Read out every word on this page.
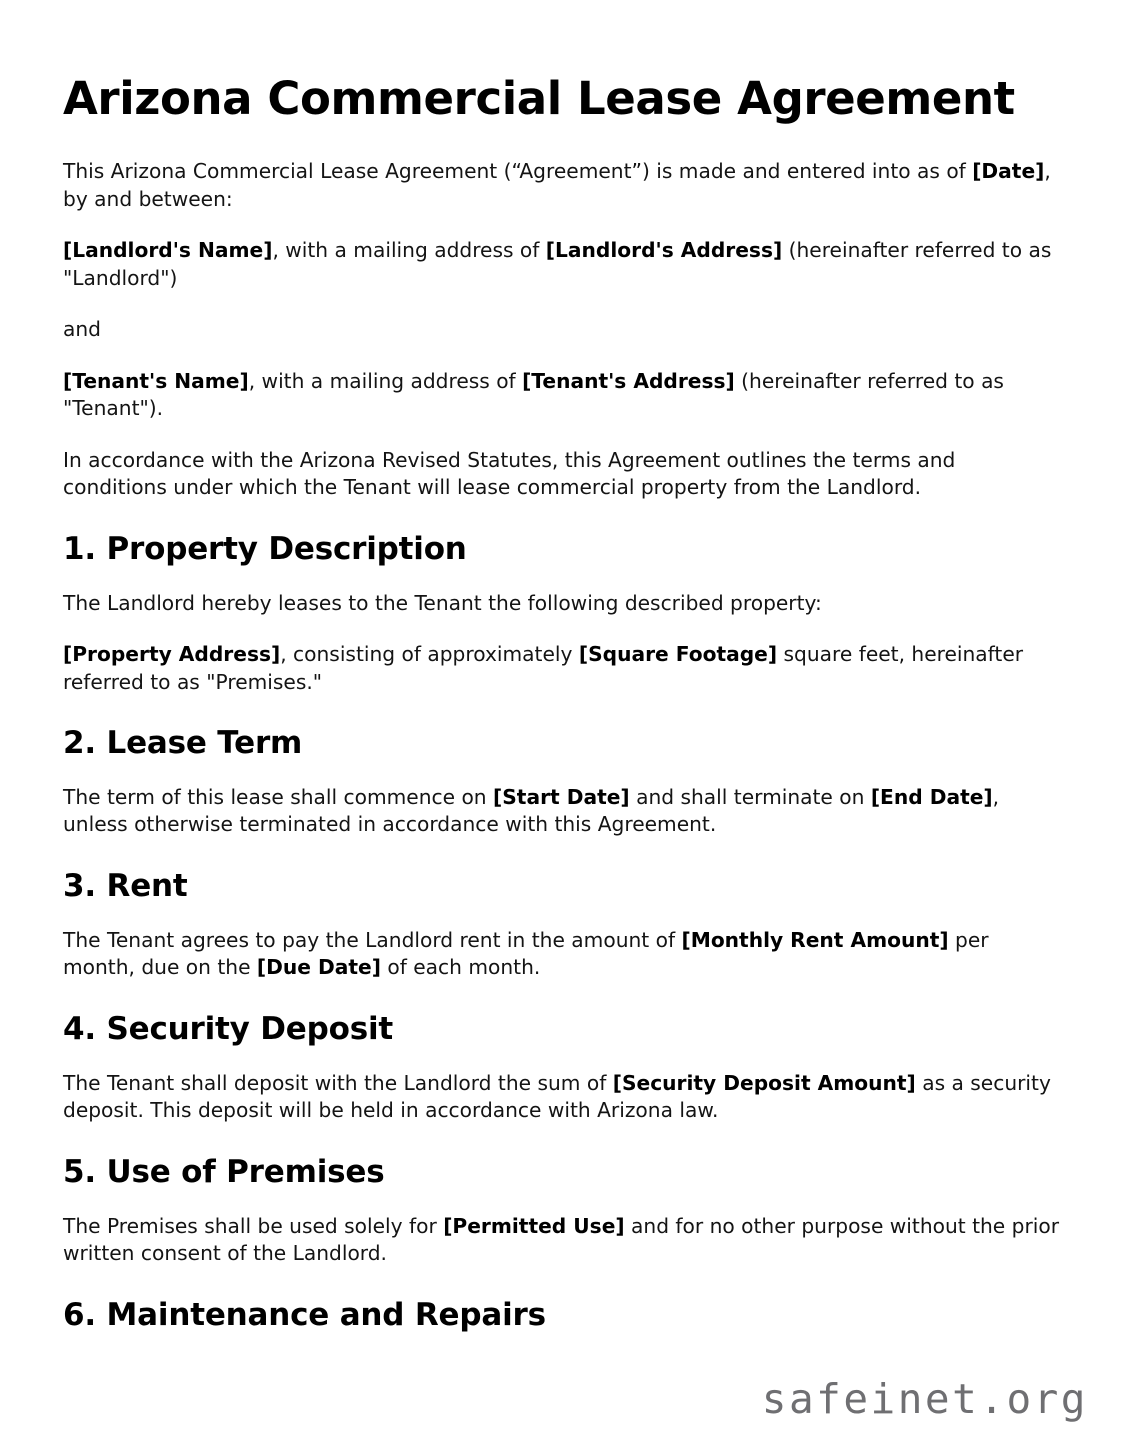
Arizona Commercial Lease Agreement

This Arizona Commercial Lease Agreement (“Agreement”) is made and entered into as of [Date], by and between:

[Landlord's Name], with a mailing address of [Landlord's Address] (hereinafter referred to as "Landlord")

and

[Tenant's Name], with a mailing address of [Tenant's Address] (hereinafter referred to as "Tenant").

In accordance with the Arizona Revised Statutes, this Agreement outlines the terms and conditions under which the Tenant will lease commercial property from the Landlord.

1. Property Description

The Landlord hereby leases to the Tenant the following described property:

[Property Address], consisting of approximately [Square Footage] square feet, hereinafter referred to as "Premises."

2. Lease Term

The term of this lease shall commence on [Start Date] and shall terminate on [End Date], unless otherwise terminated in accordance with this Agreement.

3. Rent

The Tenant agrees to pay the Landlord rent in the amount of [Monthly Rent Amount] per month, due on the [Due Date] of each month.

4. Security Deposit

The Tenant shall deposit with the Landlord the sum of [Security Deposit Amount] as a security deposit. This deposit will be held in accordance with Arizona law.

5. Use of Premises

The Premises shall be used solely for [Permitted Use] and for no other purpose without the prior written consent of the Landlord.

6. Maintenance and Repairs
safeinet.org
